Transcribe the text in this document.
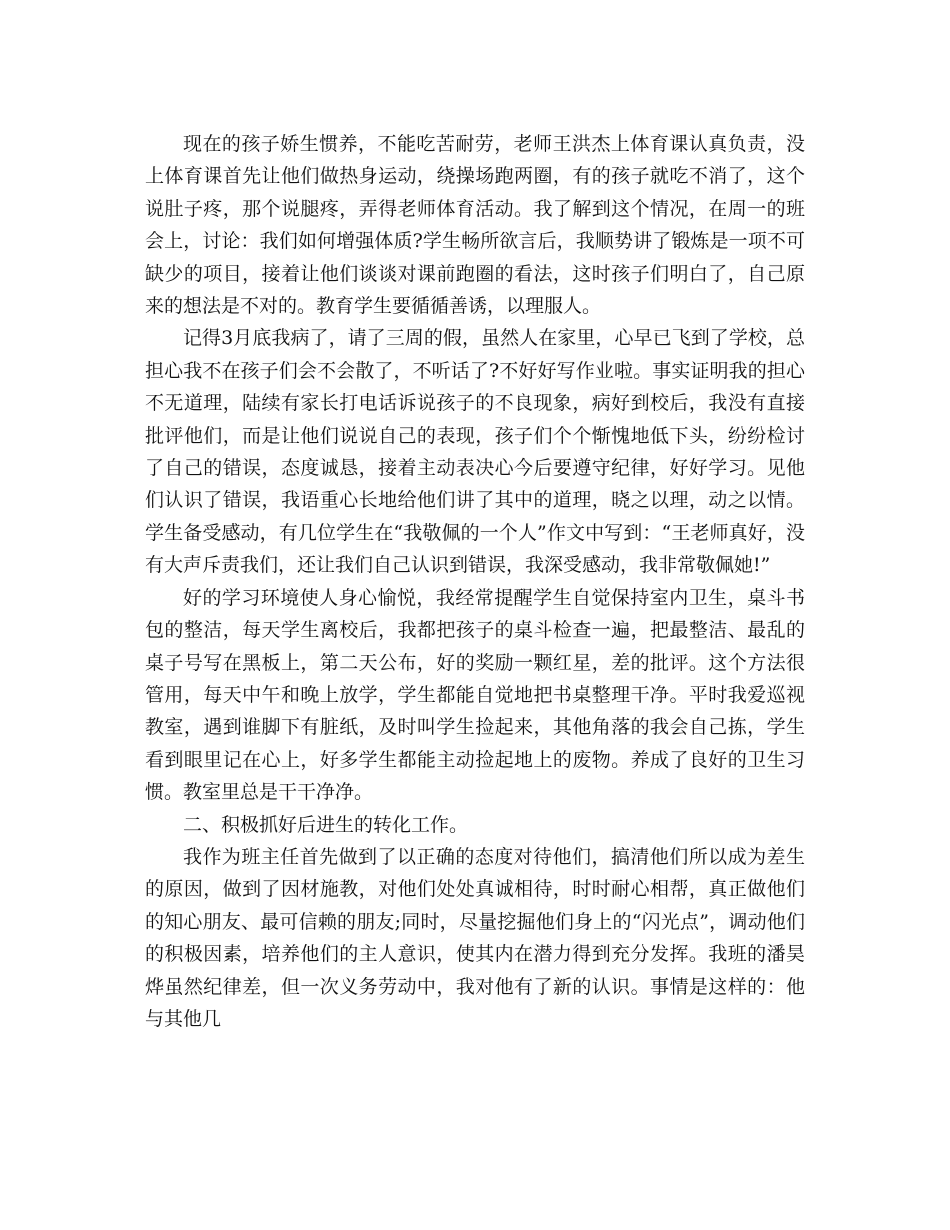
现在的孩子娇生惯养，不能吃苦耐劳，老师王洪杰上体育课认真负责，没上体育课首先让他们做热身运动，绕操场跑两圈，有的孩子就吃不消了，这个说肚子疼，那个说腿疼，弄得老师体育活动。我了解到这个情况，在周一的班会上，讨论：我们如何增强体质?学生畅所欲言后，我顺势讲了锻炼是一项不可缺少的项目，接着让他们谈谈对课前跑圈的看法，这时孩子们明白了，自己原来的想法是不对的。教育学生要循循善诱，以理服人。

记得3月底我病了，请了三周的假，虽然人在家里，心早已飞到了学校，总担心我不在孩子们会不会散了，不听话了?不好好写作业啦。事实证明我的担心不无道理，陆续有家长打电话诉说孩子的不良现象，病好到校后，我没有直接批评他们，而是让他们说说自己的表现，孩子们个个惭愧地低下头，纷纷检讨了自己的错误，态度诚恳，接着主动表决心今后要遵守纪律，好好学习。见他们认识了错误，我语重心长地给他们讲了其中的道理，晓之以理，动之以情。学生备受感动，有几位学生在“我敬佩的一个人”作文中写到：“王老师真好，没有大声斥责我们，还让我们自己认识到错误，我深受感动，我非常敬佩她!”

好的学习环境使人身心愉悦，我经常提醒学生自觉保持室内卫生，桌斗书包的整洁，每天学生离校后，我都把孩子的桌斗检查一遍，把最整洁、最乱的桌子号写在黑板上，第二天公布，好的奖励一颗红星，差的批评。这个方法很管用，每天中午和晚上放学，学生都能自觉地把书桌整理干净。平时我爱巡视教室，遇到谁脚下有脏纸，及时叫学生捡起来，其他角落的我会自己拣，学生看到眼里记在心上，好多学生都能主动捡起地上的废物。养成了良好的卫生习惯。教室里总是干干净净。

二、积极抓好后进生的转化工作。

我作为班主任首先做到了以正确的态度对待他们，搞清他们所以成为差生的原因，做到了因材施教，对他们处处真诚相待，时时耐心相帮，真正做他们的知心朋友、最可信赖的朋友;同时，尽量挖掘他们身上的“闪光点”，调动他们的积极因素，培养他们的主人意识，使其内在潜力得到充分发挥。我班的潘昊烨虽然纪律差，但一次义务劳动中，我对他有了新的认识。事情是这样的：他与其他几
